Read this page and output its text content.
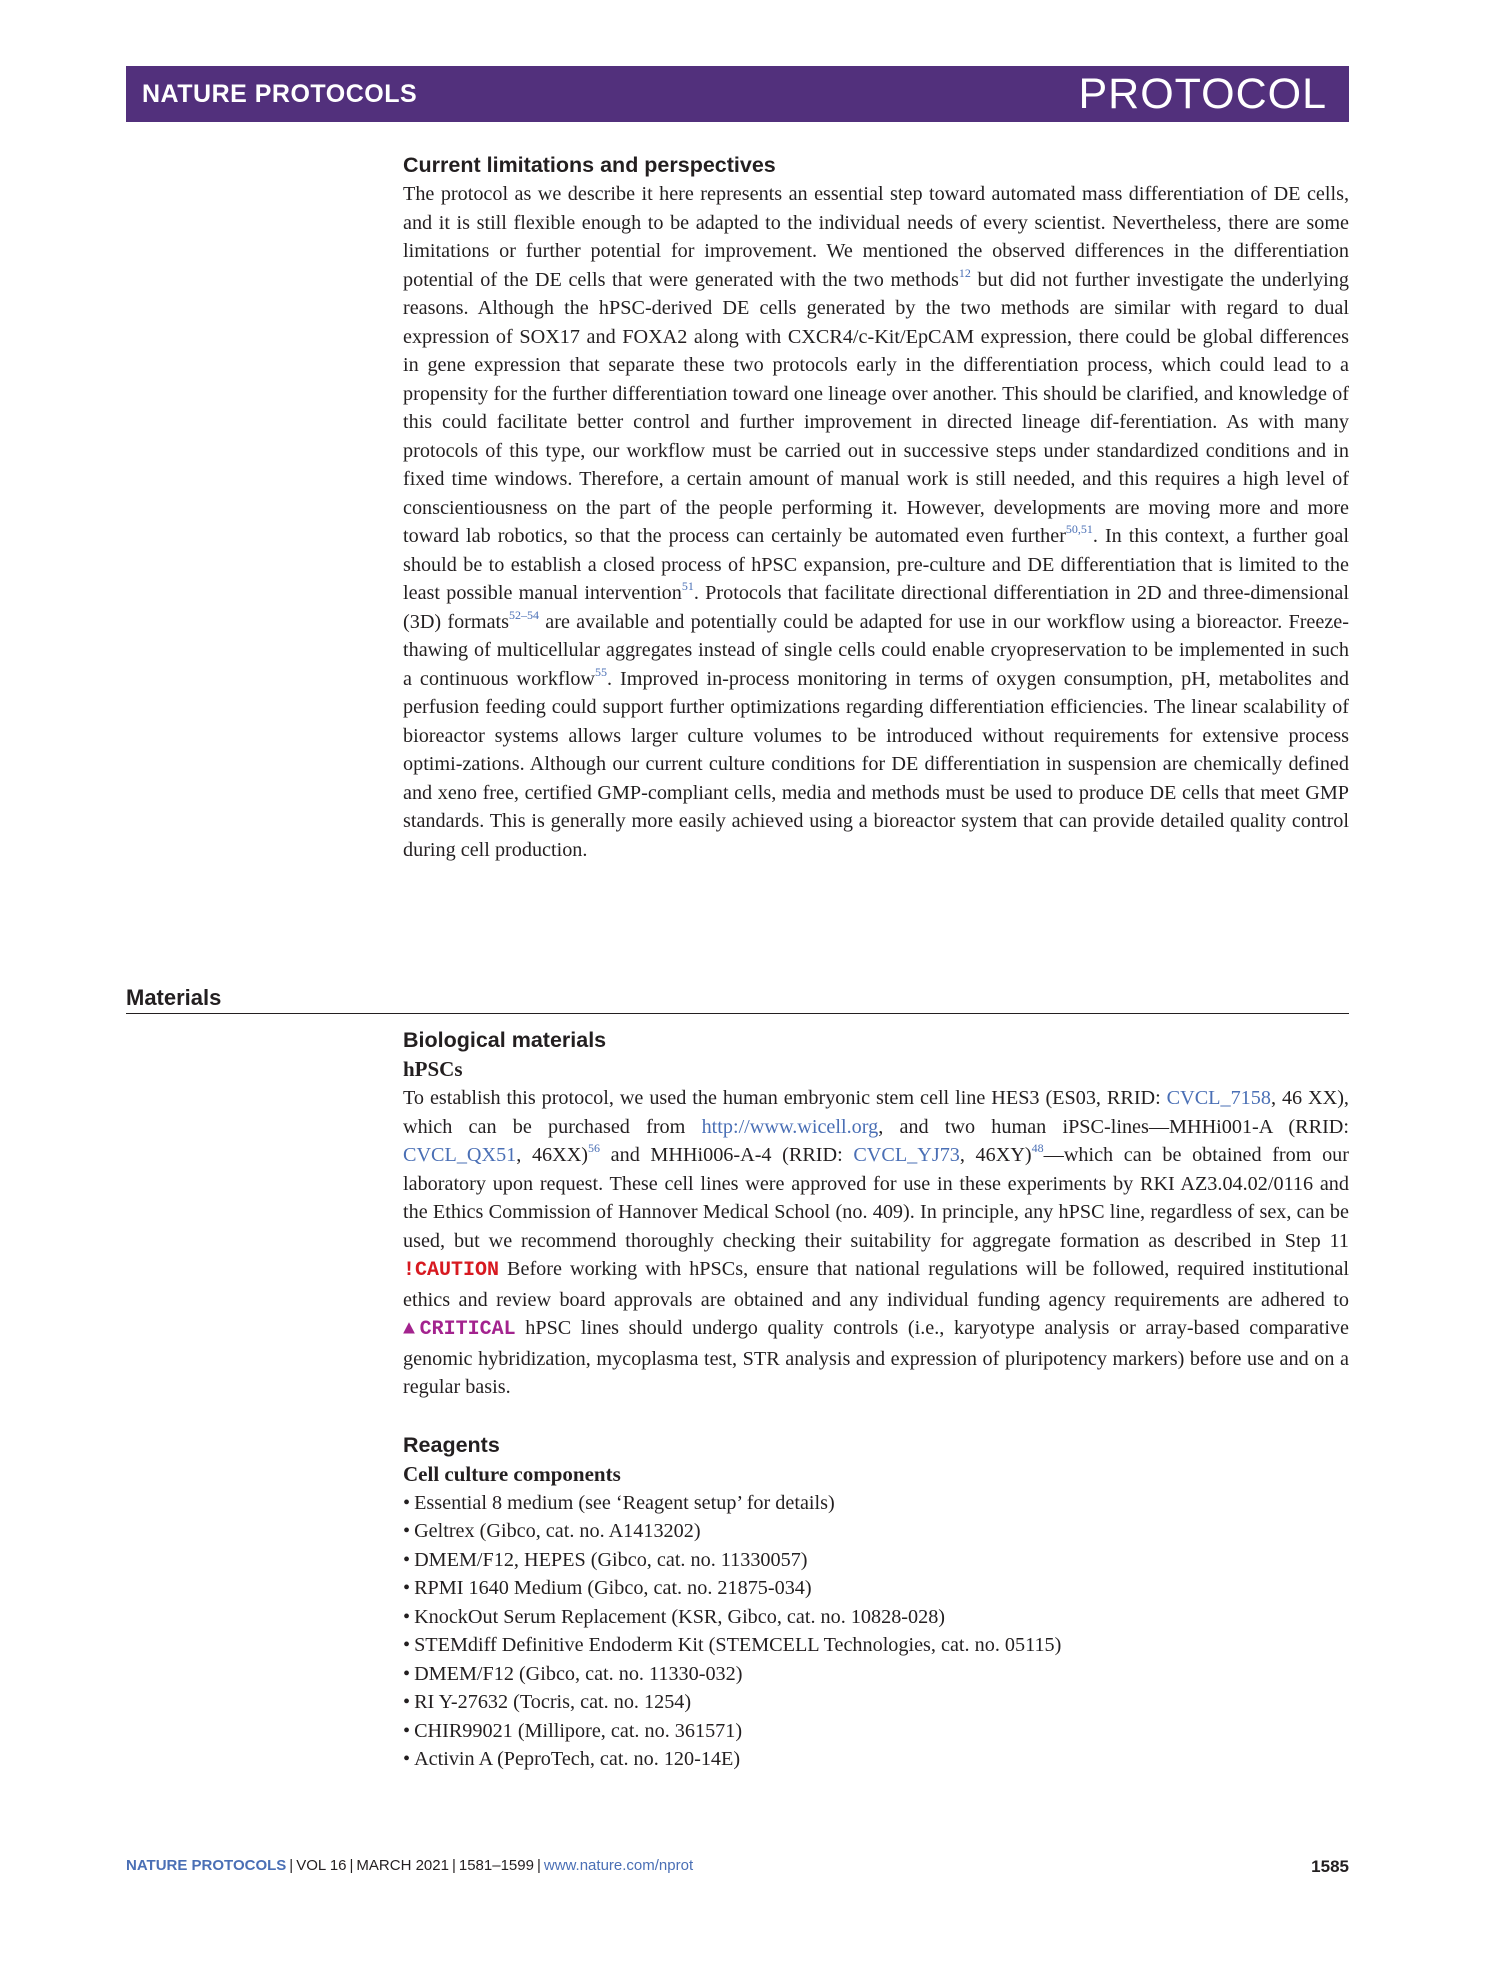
NATURE PROTOCOLS	PROTOCOL
Current limitations and perspectives

The protocol as we describe it here represents an essential step toward automated mass differentiation of DE cells, and it is still flexible enough to be adapted to the individual needs of every scientist. Nevertheless, there are some limitations or further potential for improvement. We mentioned the observed differences in the differentiation potential of the DE cells that were generated with the two methods$^{12}$ but did not further investigate the underlying reasons. Although the hPSC-derived DE cells generated by the two methods are similar with regard to dual expression of SOX17 and FOXA2 along with CXCR4/c-Kit/EpCAM expression, there could be global differences in gene expression that separate these two protocols early in the differentiation process, which could lead to a propensity for the further differentiation toward one lineage over another. This should be clarified, and knowledge of this could facilitate better control and further improvement in directed lineage dif-ferentiation. As with many protocols of this type, our workflow must be carried out in successive steps under standardized conditions and in fixed time windows. Therefore, a certain amount of manual work is still needed, and this requires a high level of conscientiousness on the part of the people performing it. However, developments are moving more and more toward lab robotics, so that the process can certainly be automated even further$^{50,51}$. In this context, a further goal should be to establish a closed process of hPSC expansion, pre-culture and DE differentiation that is limited to the least possible manual intervention$^{51}$. Protocols that facilitate directional differentiation in 2D and three-dimensional (3D) formats$^{52-54}$ are available and potentially could be adapted for use in our workflow using a bioreactor. Freeze-thawing of multicellular aggregates instead of single cells could enable cryopreservation to be implemented in such a continuous workflow$^{55}$. Improved in-process monitoring in terms of oxygen consumption, pH, metabolites and perfusion feeding could support further optimizations regarding differentiation efficiencies. The linear scalability of bioreactor systems allows larger culture volumes to be introduced without requirements for extensive process optimi-zations. Although our current culture conditions for DE differentiation in suspension are chemically defined and xeno free, certified GMP-compliant cells, media and methods must be used to produce DE cells that meet GMP standards. This is generally more easily achieved using a bioreactor system that can provide detailed quality control during cell production.

Materials
Biological materials
hPSCs

To establish this protocol, we used the human embryonic stem cell line HES3 (ES03, RRID: CVCL_7158, 46 XX), which can be purchased from http://www.wicell.org, and two human iPSC-lines—MHHi001-A (RRID: CVCL_QX51, 46XX)$^{56}$ and MHHi006-A-4 (RRID: CVCL_YJ73, 46XY)$^{48}$—which can be obtained from our laboratory upon request. These cell lines were approved for use in these experiments by RKI AZ3.04.02/0116 and the Ethics Commission of Hannover Medical School (no. 409). In principle, any hPSC line, regardless of sex, can be used, but we recommend thoroughly checking their suitability for aggregate formation as described in Step 11 !CAUTION Before working with hPSCs, ensure that national regulations will be followed, required institutional ethics and review board approvals are obtained and any individual funding agency requirements are adhered to ▲CRITICAL hPSC lines should undergo quality controls (i.e., karyotype analysis or array-based comparative genomic hybridization, mycoplasma test, STR analysis and expression of pluripotency markers) before use and on a regular basis.

Reagents
Cell culture components
• Essential 8 medium (see ‘Reagent setup’ for details)
• Geltrex (Gibco, cat. no. A1413202)
• DMEM/F12, HEPES (Gibco, cat. no. 11330057)
• RPMI 1640 Medium (Gibco, cat. no. 21875-034)
• KnockOut Serum Replacement (KSR, Gibco, cat. no. 10828-028)
• STEMdiff Definitive Endoderm Kit (STEMCELL Technologies, cat. no. 05115)
• DMEM/F12 (Gibco, cat. no. 11330-032)
• RI Y-27632 (Tocris, cat. no. 1254)
• CHIR99021 (Millipore, cat. no. 361571)
• Activin A (PeproTech, cat. no. 120-14E)
NATURE PROTOCOLS | VOL 16 | MARCH 2021 | 1581–1599 | www.nature.com/nprot	1585
